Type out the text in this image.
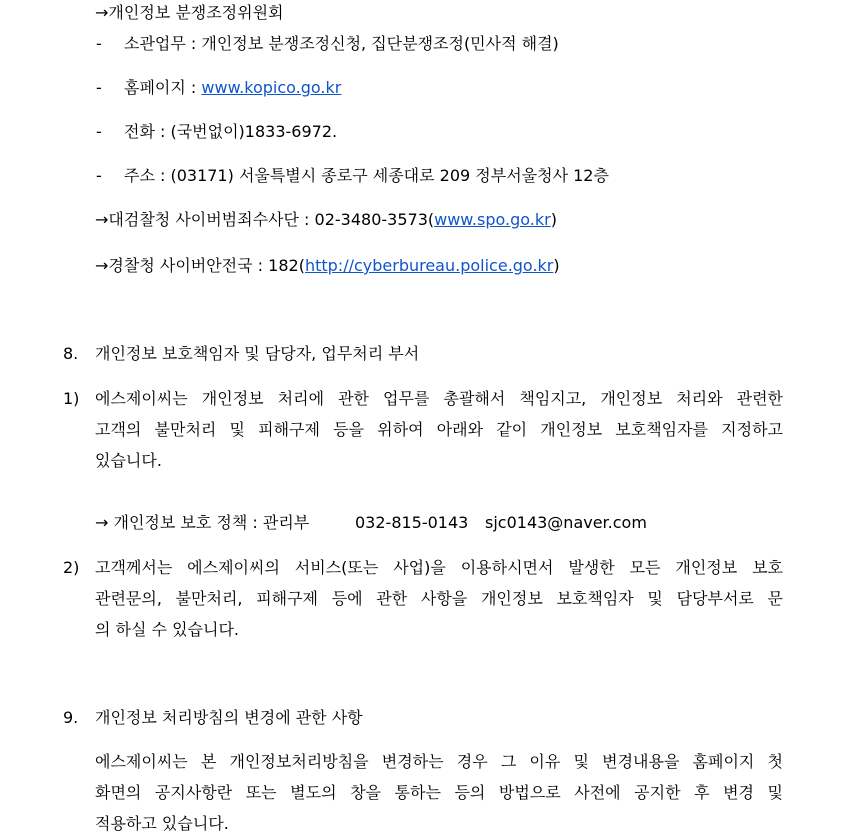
→개인정보 분쟁조정위원회
- 소관업무 : 개인정보 분쟁조정신청, 집단분쟁조정(민사적 해결)
- 홈페이지 : www.kopico.go.kr
- 전화 : (국번없이)1833-6972.
- 주소 : (03171) 서울특별시 종로구 세종대로 209 정부서울청사 12층
→대검찰청 사이버범죄수사단 : 02-3480-3573(www.spo.go.kr)
→경찰청 사이버안전국 : 182(http://cyberbureau.police.go.kr)
8. 개인정보 보호책임자 및 담당자, 업무처리 부서
1) 에스제이씨는 개인정보 처리에 관한 업무를 총괄해서 책임지고, 개인정보 처리와 관련한
고객의 불만처리 및 피해구제 등을 위하여 아래와 같이 개인정보 보호책임자를 지정하고
있습니다.
→ 개인정보 보호 정책 : 관리부	032-815-0143 sjc0143@naver.com
2) 고객께서는 에스제이씨의 서비스(또는 사업)을 이용하시면서 발생한 모든 개인정보 보호
관련문의, 불만처리, 피해구제 등에 관한 사항을 개인정보 보호책임자 및 담당부서로 문
의 하실 수 있습니다.
9. 개인정보 처리방침의 변경에 관한 사항
에스제이씨는 본 개인정보처리방침을 변경하는 경우 그 이유 및 변경내용을 홈페이지 첫
화면의 공지사항란 또는 별도의 창을 통하는 등의 방법으로 사전에 공지한 후 변경 및
적용하고 있습니다.
